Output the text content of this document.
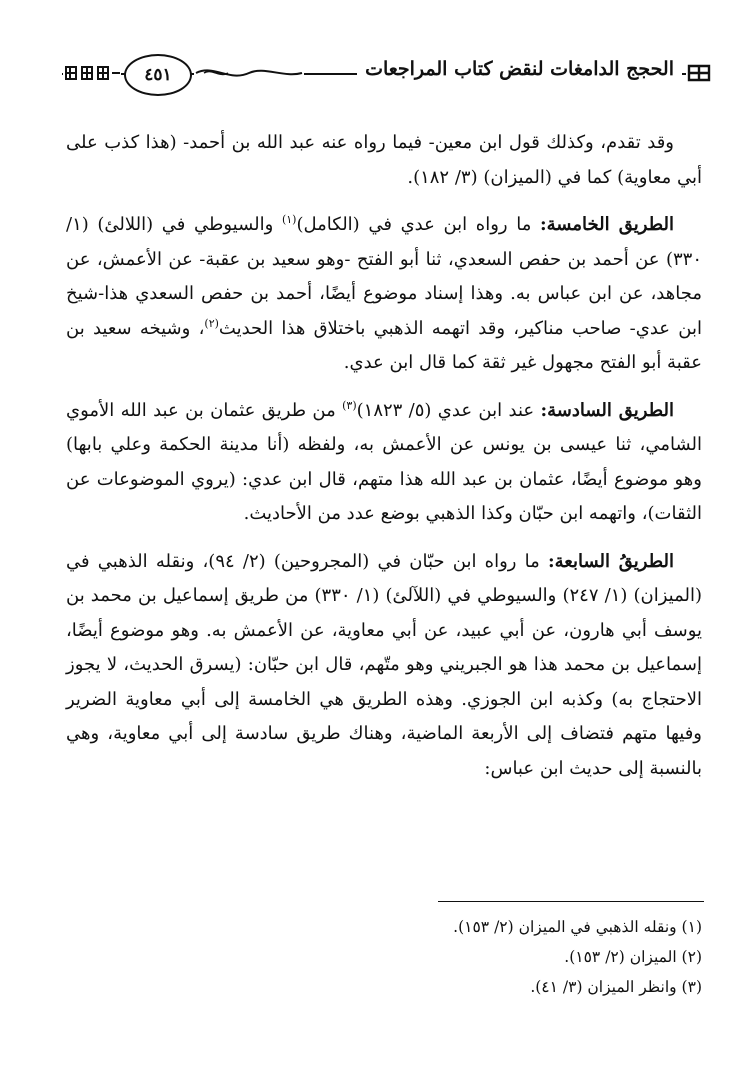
٤٥١	الحجج الدامغات لنقض كتاب المراجعات

وقد تقدم، وكذلك قول ابن معين- فيما رواه عنه عبد الله بن أحمد- (هذا كذب على أبي معاوية) كما في (الميزان) (٣/ ١٨٢).

الطريق الخامسة: ما رواه ابن عدي في (الكامل)$^{(١)}$ والسيوطي في (اللالئ) (١/ ٣٣٠) عن أحمد بن حفص السعدي، ثنا أبو الفتح -وهو سعيد بن عقبة- عن الأعمش، عن مجاهد، عن ابن عباس به. وهذا إسناد موضوع أيضًا، أحمد بن حفص السعدي هذا-شيخ ابن عدي- صاحب مناكير، وقد اتهمه الذهبي باختلاق هذا الحديث$^{(٢)}$، وشيخه سعيد بن عقبة أبو الفتح مجهول غير ثقة كما قال ابن عدي.

الطريق السادسة: عند ابن عدي (٥/ ١٨٢٣)$^{(٣)}$ من طريق عثمان بن عبد الله الأموي الشامي، ثنا عيسى بن يونس عن الأعمش به، ولفظه (أنا مدينة الحكمة وعلي بابها) وهو موضوع أيضًا، عثمان بن عبد الله هذا متهم، قال ابن عدي: (يروي الموضوعات عن الثقات)، واتهمه ابن حبّان وكذا الذهبي بوضع عدد من الأحاديث.

الطريقُ السابعة: ما رواه ابن حبّان في (المجروحين) (٢/ ٩٤)، ونقله الذهبي في (الميزان) (١/ ٢٤٧) والسيوطي في (اللآلئ) (١/ ٣٣٠) من طريق إسماعيل بن محمد بن يوسف أبي هارون، عن أبي عبيد، عن أبي معاوية، عن الأعمش به. وهو موضوع أيضًا، إسماعيل بن محمد هذا هو الجبريني وهو متّهم، قال ابن حبّان: (يسرق الحديث، لا يجوز الاحتجاج به) وكذبه ابن الجوزي. وهذه الطريق هي الخامسة إلى أبي معاوية الضرير وفيها متهم فتضاف إلى الأربعة الماضية، وهناك طريق سادسة إلى أبي معاوية، وهي بالنسبة إلى حديث ابن عباس:

(١) ونقله الذهبي في الميزان (٢/ ١٥٣).

(٢) الميزان (٢/ ١٥٣).

(٣) وانظر الميزان (٣/ ٤١).
